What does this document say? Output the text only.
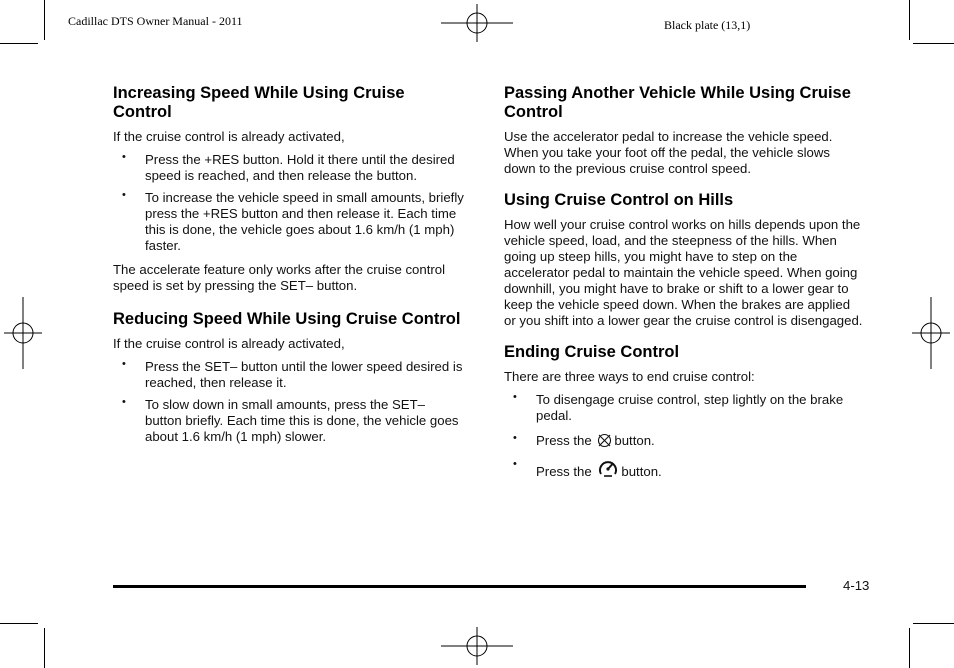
Cadillac DTS Owner Manual - 2011	Black plate (13,1)
Increasing Speed While Using Cruise Control

If the cruise control is already activated,

• Press the +RES button. Hold it there until the desired speed is reached, and then release the button.
• To increase the vehicle speed in small amounts, briefly press the +RES button and then release it. Each time this is done, the vehicle goes about 1.6 km/h (1 mph) faster.

The accelerate feature only works after the cruise control speed is set by pressing the SET– button.

Reducing Speed While Using Cruise Control

If the cruise control is already activated,

• Press the SET– button until the lower speed desired is reached, then release it.
• To slow down in small amounts, press the SET– button briefly. Each time this is done, the vehicle goes about 1.6 km/h (1 mph) slower.
Passing Another Vehicle While Using Cruise Control

Use the accelerator pedal to increase the vehicle speed. When you take your foot off the pedal, the vehicle slows down to the previous cruise control speed.

Using Cruise Control on Hills

How well your cruise control works on hills depends upon the vehicle speed, load, and the steepness of the hills. When going up steep hills, you might have to step on the accelerator pedal to maintain the vehicle speed. When going downhill, you might have to brake or shift to a lower gear to keep the vehicle speed down. When the brakes are applied or you shift into a lower gear the cruise control is disengaged.

Ending Cruise Control

There are three ways to end cruise control:

• To disengage cruise control, step lightly on the brake pedal.
• Press the button.
• Press the button.
4-13
